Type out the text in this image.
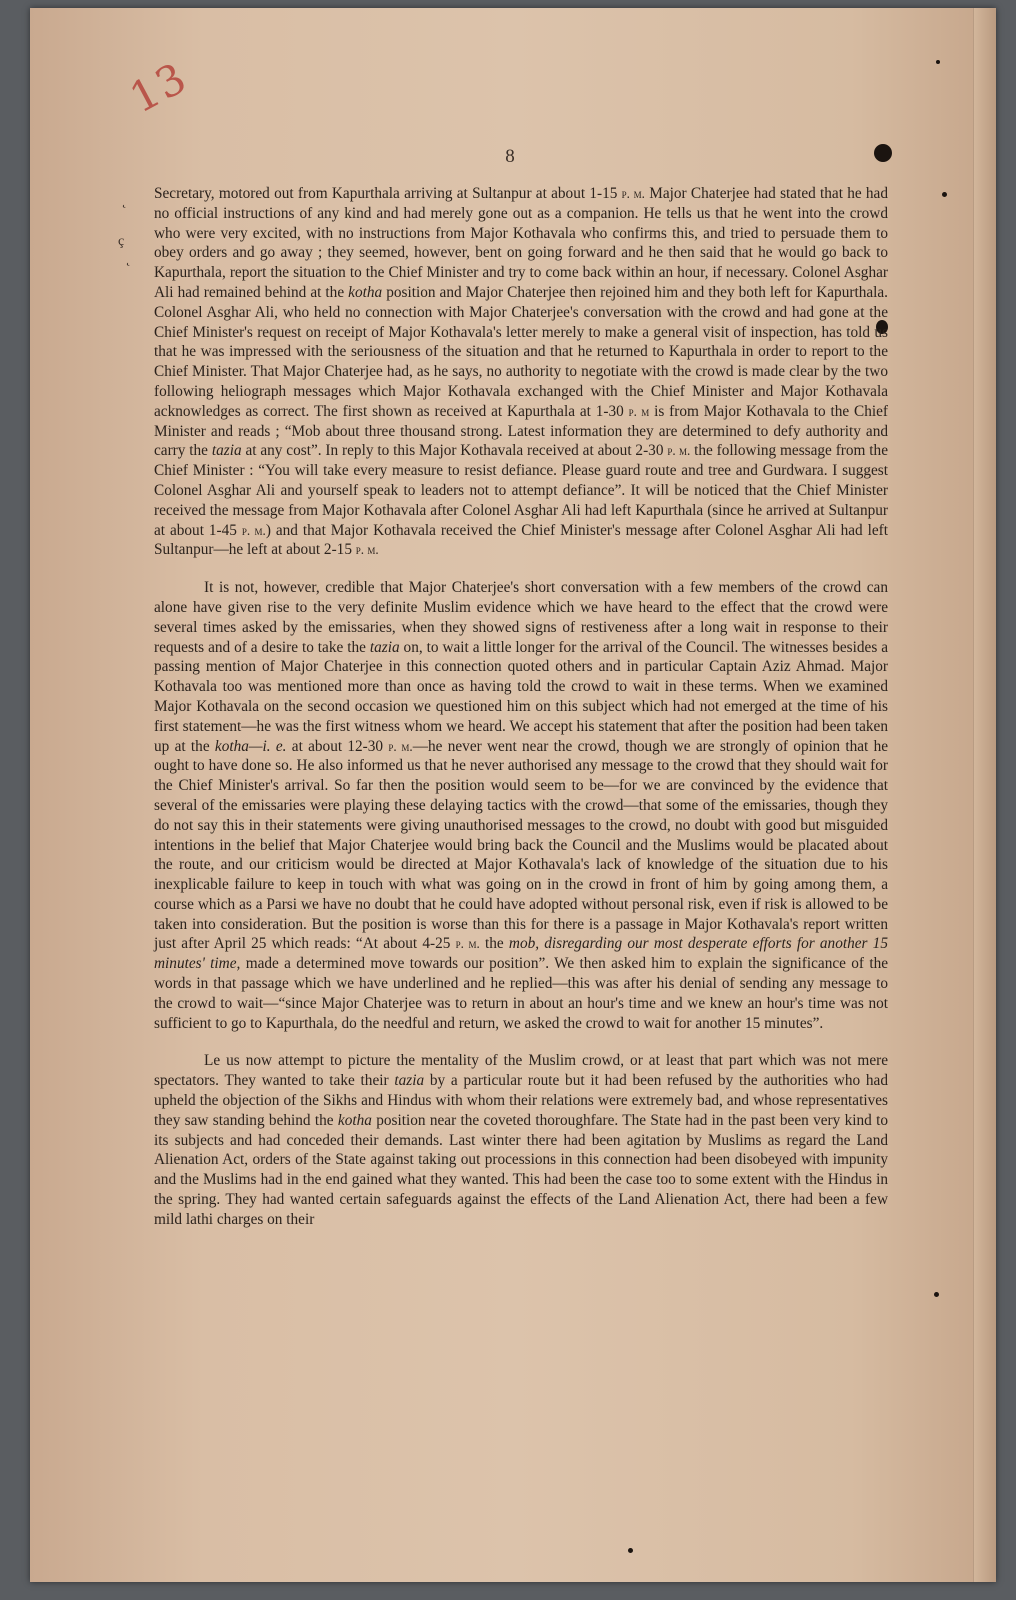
13
8
˛
ç
˛

Secretary, motored out from Kapurthala arriving at Sultanpur at about 1-15 p. m. Major Chaterjee had stated that he had no official instructions of any kind and had merely gone out as a companion. He tells us that he went into the crowd who were very excited, with no instructions from Major Kothavala who confirms this, and tried to persuade them to obey orders and go away ; they seemed, however, bent on going forward and he then said that he would go back to Kapurthala, report the situation to the Chief Minister and try to come back within an hour, if necessary. Colonel Asghar Ali had remained behind at the kotha position and Major Chaterjee then rejoined him and they both left for Kapurthala. Colonel Asghar Ali, who held no connection with Major Chaterjee's conversation with the crowd and had gone at the Chief Minister's request on receipt of Major Kothavala's letter merely to make a general visit of inspection, has told us that he was impressed with the seriousness of the situation and that he returned to Kapurthala in order to report to the Chief Minister. That Major Chaterjee had, as he says, no authority to negotiate with the crowd is made clear by the two following heliograph messages which Major Kothavala exchanged with the Chief Minister and Major Kothavala acknowledges as correct. The first shown as received at Kapurthala at 1-30 p. m is from Major Kothavala to the Chief Minister and reads ; “Mob about three thousand strong. Latest information they are determined to defy authority and carry the tazia at any cost”. In reply to this Major Kothavala received at about 2-30 p. m. the following message from the Chief Minister : “You will take every measure to resist defiance. Please guard route and tree and Gurdwara. I suggest Colonel Asghar Ali and yourself speak to leaders not to attempt defiance”. It will be noticed that the Chief Minister received the message from Major Kothavala after Colonel Asghar Ali had left Kapurthala (since he arrived at Sultanpur at about 1-45 p. m.) and that Major Kothavala received the Chief Minister's message after Colonel Asghar Ali had left Sultanpur—he left at about 2-15 p. m.

It is not, however, credible that Major Chaterjee's short conversation with a few members of the crowd can alone have given rise to the very definite Muslim evidence which we have heard to the effect that the crowd were several times asked by the emissaries, when they showed signs of restiveness after a long wait in response to their requests and of a desire to take the tazia on, to wait a little longer for the arrival of the Council. The witnesses besides a passing mention of Major Chaterjee in this connection quoted others and in particular Captain Aziz Ahmad. Major Kothavala too was mentioned more than once as having told the crowd to wait in these terms. When we examined Major Kothavala on the second occasion we questioned him on this subject which had not emerged at the time of his first statement—he was the first witness whom we heard. We accept his statement that after the position had been taken up at the kotha—i. e. at about 12-30 p. m.—he never went near the crowd, though we are strongly of opinion that he ought to have done so. He also informed us that he never authorised any message to the crowd that they should wait for the Chief Minister's arrival. So far then the position would seem to be—for we are convinced by the evidence that several of the emissaries were playing these delaying tactics with the crowd—that some of the emissaries, though they do not say this in their statements were giving unauthorised messages to the crowd, no doubt with good but misguided intentions in the belief that Major Chaterjee would bring back the Council and the Muslims would be placated about the route, and our criticism would be directed at Major Kothavala's lack of knowledge of the situation due to his inexplicable failure to keep in touch with what was going on in the crowd in front of him by going among them, a course which as a Parsi we have no doubt that he could have adopted without personal risk, even if risk is allowed to be taken into consideration. But the position is worse than this for there is a passage in Major Kothavala's report written just after April 25 which reads: “At about 4-25 p. m. the mob, disregarding our most desperate efforts for another 15 minutes' time, made a determined move towards our position”. We then asked him to explain the significance of the words in that passage which we have underlined and he replied—this was after his denial of sending any message to the crowd to wait—“since Major Chaterjee was to return in about an hour's time and we knew an hour's time was not sufficient to go to Kapurthala, do the needful and return, we asked the crowd to wait for another 15 minutes”.

Le us now attempt to picture the mentality of the Muslim crowd, or at least that part which was not mere spectators. They wanted to take their tazia by a particular route but it had been refused by the authorities who had upheld the objection of the Sikhs and Hindus with whom their relations were extremely bad, and whose representatives they saw standing behind the kotha position near the coveted thoroughfare. The State had in the past been very kind to its subjects and had conceded their demands. Last winter there had been agitation by Muslims as regard the Land Alienation Act, orders of the State against taking out processions in this connection had been disobeyed with impunity and the Muslims had in the end gained what they wanted. This had been the case too to some extent with the Hindus in the spring. They had wanted certain safeguards against the effects of the Land Alienation Act, there had been a few mild lathi charges on their
